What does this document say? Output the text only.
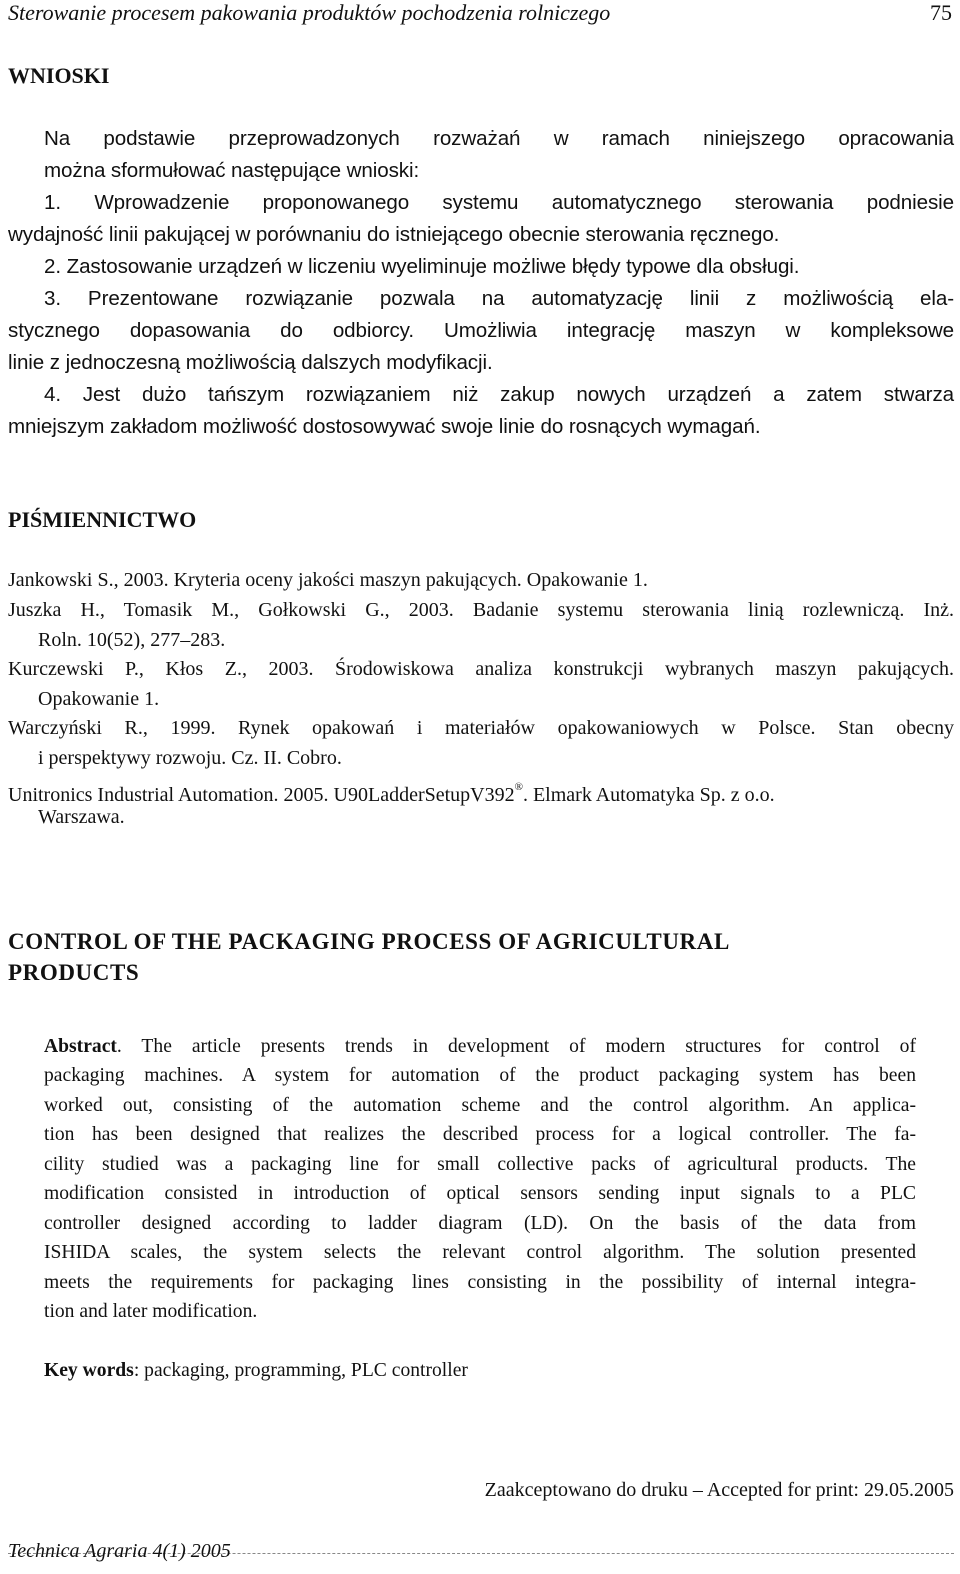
Sterowanie procesem pakowania produktów pochodzenia rolniczego	75
WNIOSKI
Na podstawie przeprowadzonych rozważań w ramach niniejszego opracowania
można sformułować następujące wnioski:
1. Wprowadzenie proponowanego systemu automatycznego sterowania podniesie
wydajność linii pakującej w porównaniu do istniejącego obecnie sterowania ręcznego.
2. Zastosowanie urządzeń w liczeniu wyeliminuje możliwe błędy typowe dla obsługi.
3. Prezentowane rozwiązanie pozwala na automatyzację linii z możliwością ela-
stycznego dopasowania do odbiorcy. Umożliwia integrację maszyn w kompleksowe
linie z jednoczesną możliwością dalszych modyfikacji.
4. Jest dużo tańszym rozwiązaniem niż zakup nowych urządzeń a zatem stwarza
mniejszym zakładom możliwość dostosowywać swoje linie do rosnących wymagań.
PIŚMIENNICTWO
Jankowski S., 2003. Kryteria oceny jakości maszyn pakujących. Opakowanie 1.
Juszka H., Tomasik M., Gołkowski G., 2003. Badanie systemu sterowania linią rozlewniczą. Inż.
Roln. 10(52), 277–283.
Kurczewski P., Kłos Z., 2003. Środowiskowa analiza konstrukcji wybranych maszyn pakujących.
Opakowanie 1.
Warczyński R., 1999. Rynek opakowań i materiałów opakowaniowych w Polsce. Stan obecny
i perspektywy rozwoju. Cz. II. Cobro.
Unitronics Industrial Automation. 2005. U90LadderSetupV392®. Elmark Automatyka Sp. z o.o.
Warszawa.
CONTROL OF THE PACKAGING PROCESS OF AGRICULTURAL
PRODUCTS
Abstract. The article presents trends in development of modern structures for control of
packaging machines. A system for automation of the product packaging system has been
worked out, consisting of the automation scheme and the control algorithm. An applica-
tion has been designed that realizes the described process for a logical controller. The fa-
cility studied was a packaging line for small collective packs of agricultural products. The
modification consisted in introduction of optical sensors sending input signals to a PLC
controller designed according to ladder diagram (LD). On the basis of the data from
ISHIDA scales, the system selects the relevant control algorithm. The solution presented
meets the requirements for packaging lines consisting in the possibility of internal integra-
tion and later modification.
Key words: packaging, programming, PLC controller
Zaakceptowano do druku – Accepted for print: 29.05.2005
Technica Agraria 4(1) 2005
